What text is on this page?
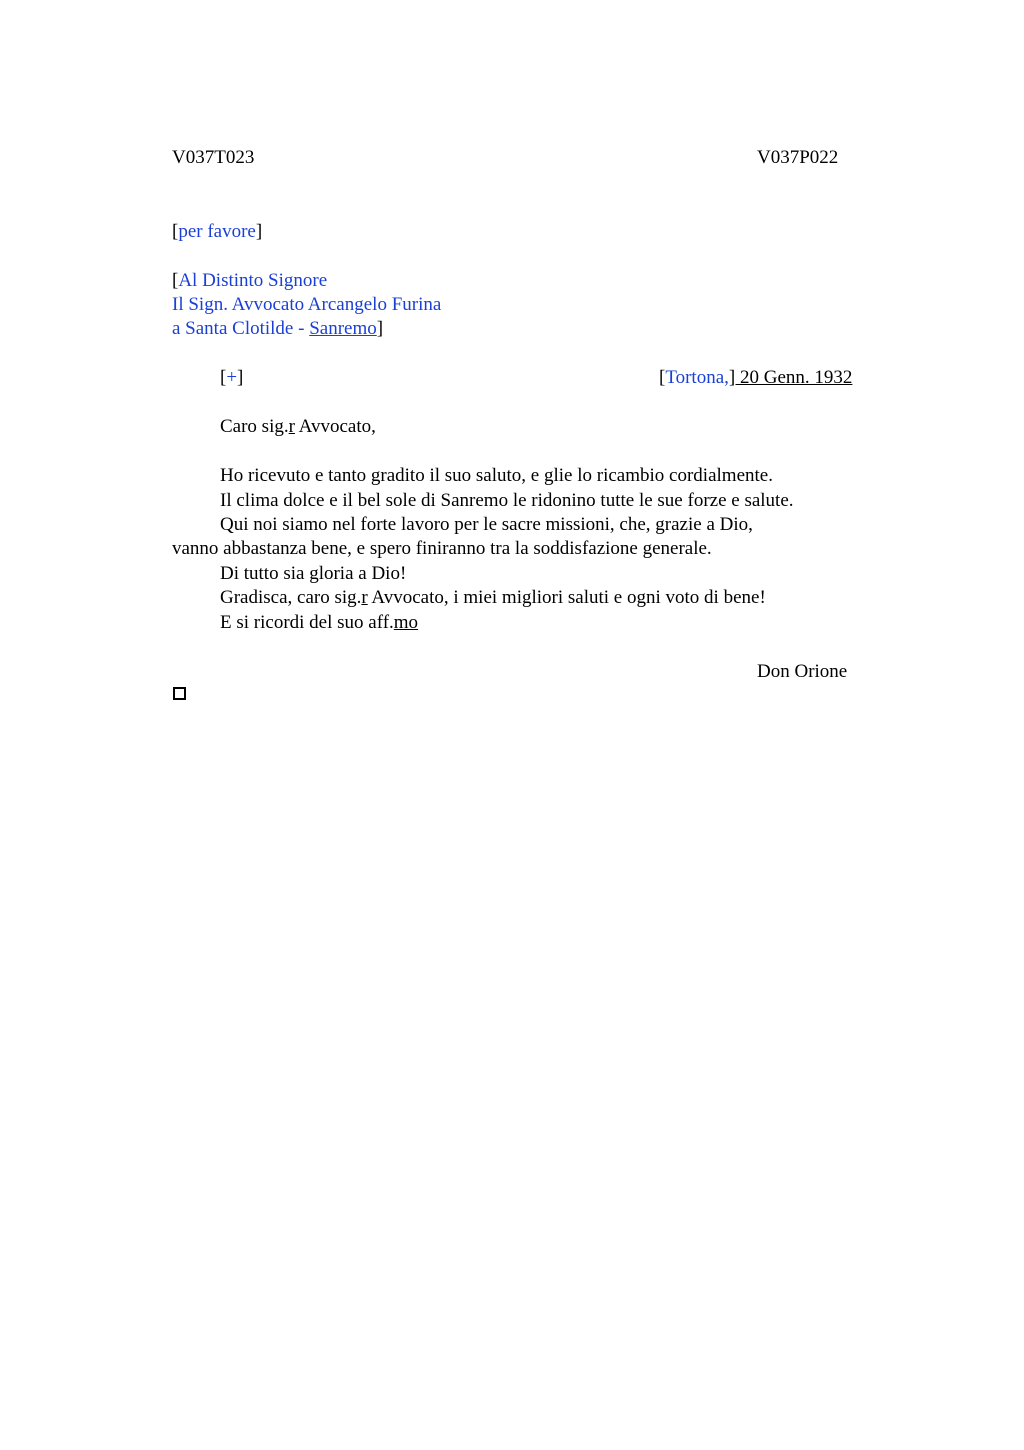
V037T023	V037P022
[per favore]
[Al Distinto Signore
Il Sign. Avvocato Arcangelo Furina
a Santa Clotilde - Sanremo]
[+]	[Tortona,] 20 Genn. 1932
Caro sig.r Avvocato,
Ho ricevuto e tanto gradito il suo saluto, e glie lo ricambio cordialmente.
Il clima dolce e il bel sole di Sanremo le ridonino tutte le sue forze e salute.
Qui noi siamo nel forte lavoro per le sacre missioni, che, grazie a Dio,
vanno abbastanza bene, e spero finiranno tra la soddisfazione generale.
Di tutto sia gloria a Dio!
Gradisca, caro sig.r Avvocato, i miei migliori saluti e ogni voto di bene!
E si ricordi del suo aff.mo
Don Orione
